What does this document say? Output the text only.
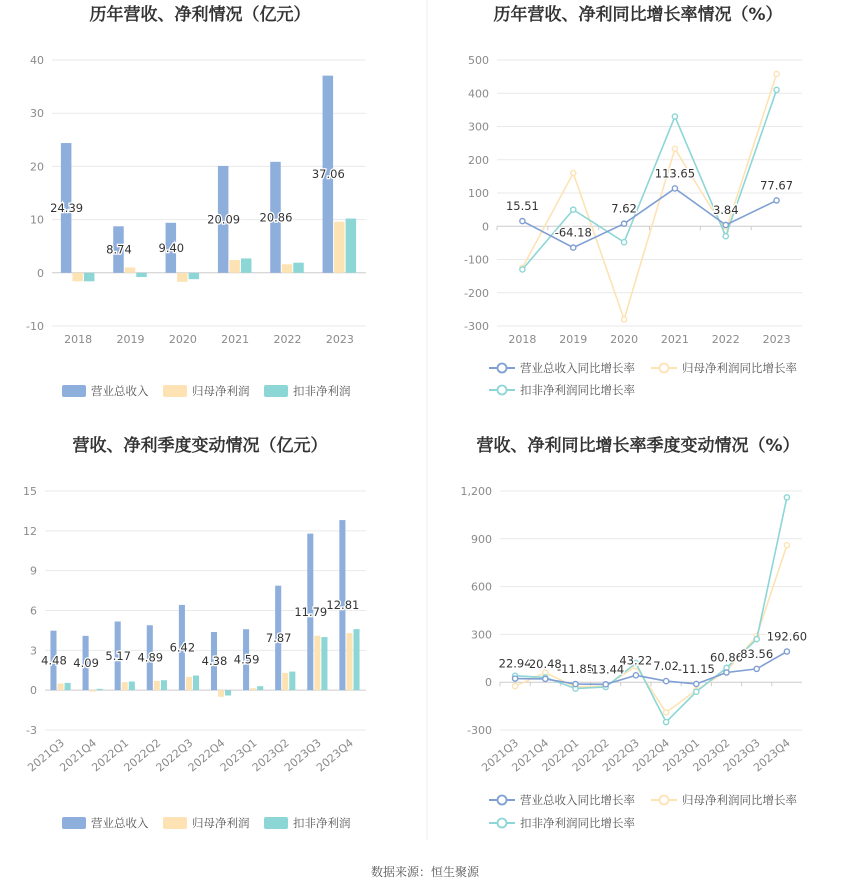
历年营收、净利情况（亿元）	历年营收、净利同比增长率情况（%）
营收、净利季度变动情况（亿元）	营收、净利同比增长率季度变动情况（%）
-10
0
10
20
30
40
2018 2019 2020 2021 2022 2023
24.39
8.74 9.40
20.09 20.86
37.06
营业总收入	归母净利润	扣非净利润
-300
-200
-100
0
100
200
300
400
500
2018 2019 2020 2021 2022 2023
15.51
-64.18
7.62
113.65
3.84
77.67
营业总收入同比增长率	归母净利润同比增长率
扣非净利润同比增长率
-3
0
3
6
9
12
15
2021Q3
2021Q4
2022Q1
2022Q2
2022Q3
2022Q4
2023Q1
2023Q2
2023Q3
2023Q4
4.48 4.09
5.17 4.89
6.42
4.38 4.59
7.87
11.79 12.81
营业总收入	归母净利润	扣非净利润
-300
0
300
600
900
1,200
2021Q3
2021Q4
2022Q1
2022Q2
2022Q3
2022Q4
2023Q1
2023Q2
2023Q3
2023Q4
22.94
20.48
-11.85
-13.44
43.22 7.02
-11.15
60.86
83.56
192.60
营业总收入同比增长率	归母净利润同比增长率
扣非净利润同比增长率
数据来源：恒生聚源
